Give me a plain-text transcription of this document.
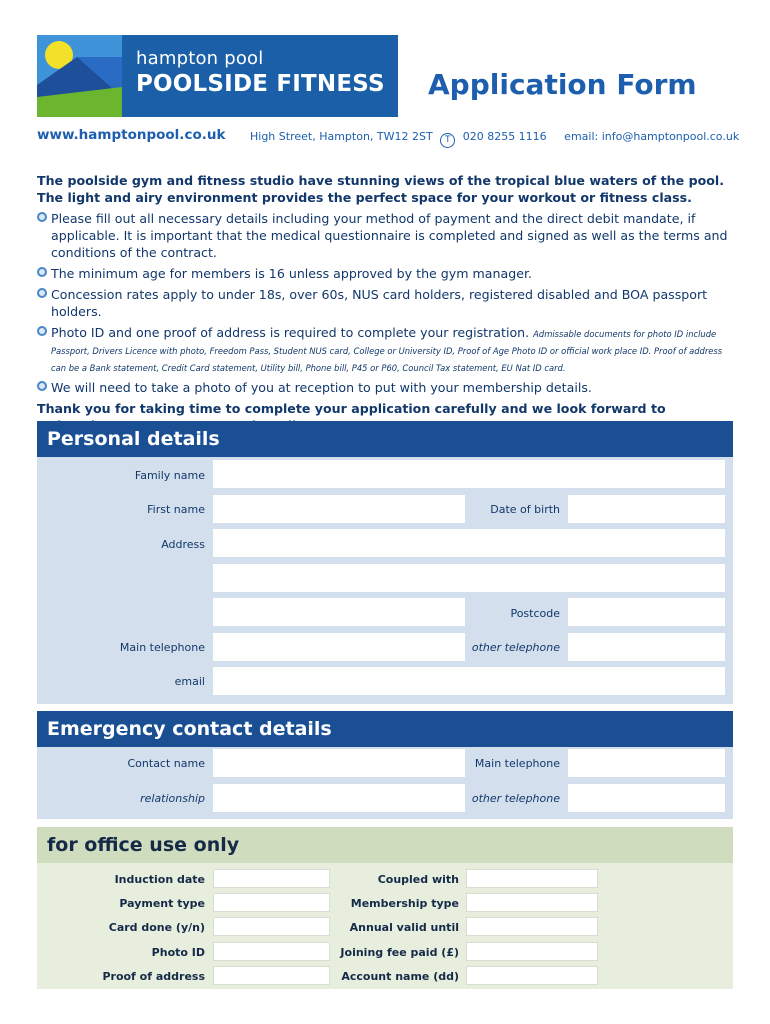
hampton pool
POOLSIDE FITNESS	Application Form
www.hamptonpool.co.uk High Street, Hampton, TW12 2ST T 020 8255 1116 email: info@hamptonpool.co.uk
The poolside gym and fitness studio have stunning views of the tropical blue waters of the pool. The light and airy environment provides the perfect space for your workout or fitness class.
Please fill out all necessary details including your method of payment and the direct debit mandate, if applicable. It is important that the medical questionnaire is completed and signed as well as the terms and conditions of the contract.
The minimum age for members is 16 unless approved by the gym manager.
Concession rates apply to under 18s, over 60s, NUS card holders, registered disabled and BOA passport holders.
Photo ID and one proof of address is required to complete your registration. Admissable documents for photo ID include Passport, Drivers Licence with photo, Freedom Pass, Student NUS card, College or University ID, Proof of Age Photo ID or official work place ID. Proof of address can be a Bank statement, Credit Card statement, Utility bill, Phone bill, P45 or P60, Council Tax statement, EU Nat ID card.
We will need to take a photo of you at reception to put with your membership details.
Thank you for taking time to complete your application carefully and we look forward to
Personal details
Family name
First name	Date of birth
Address
Postcode
Main telephone	other telephone
email
Emergency contact details
Contact name	Main telephone
relationship	other telephone
for office use only
Induction date	Coupled with
Payment type	Membership type
Card done (y/n)	Annual valid until
Photo ID	Joining fee paid (£)
Proof of address	Account name (dd)
